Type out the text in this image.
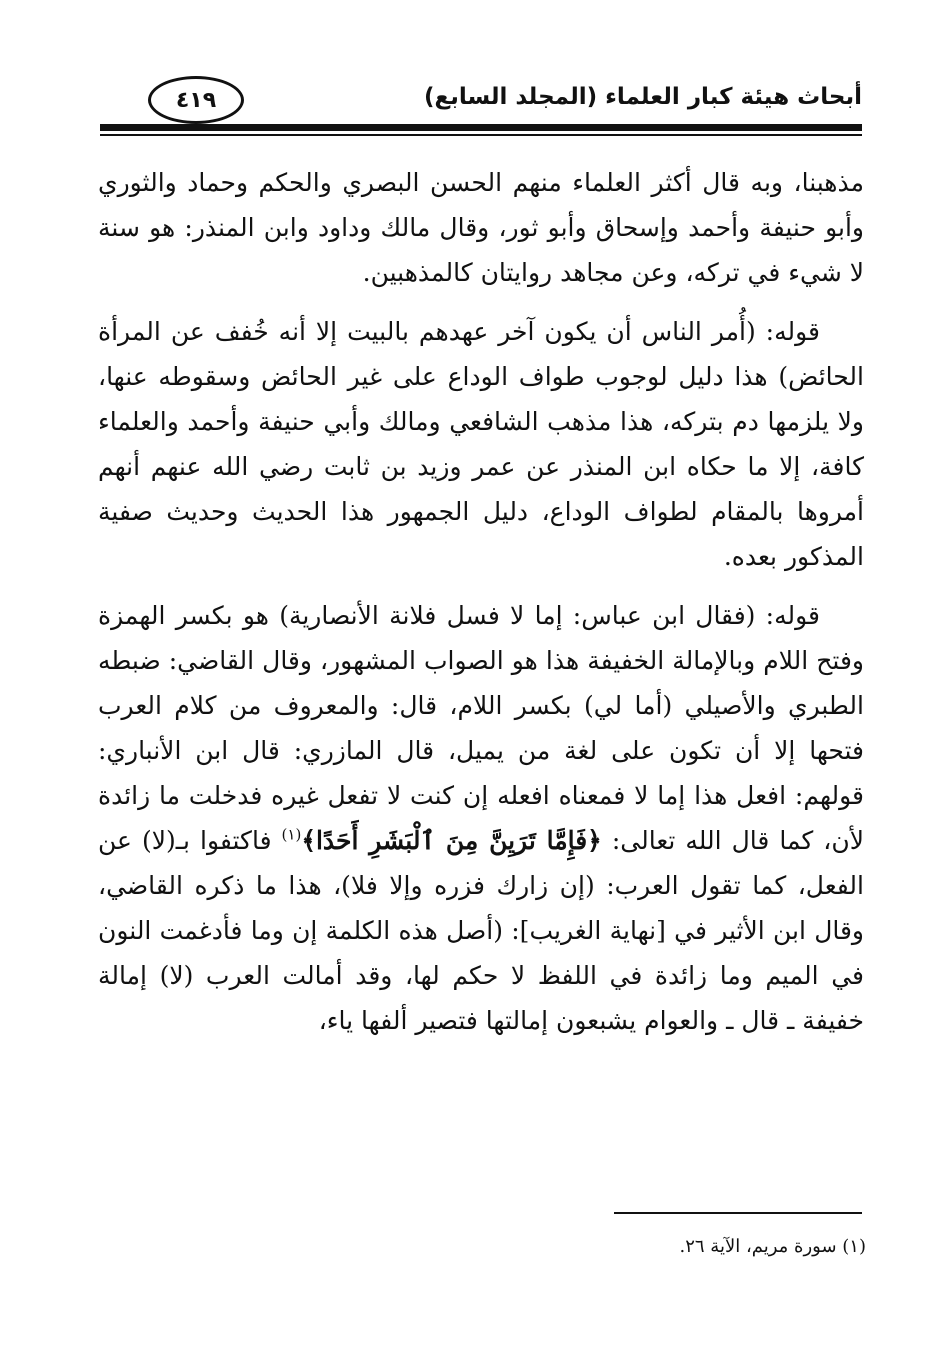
٤١٩	أبحاث هيئة كبار العلماء (المجلد السابع)

مذهبنا، وبه قال أكثر العلماء منهم الحسن البصري والحكم وحماد والثوري وأبو حنيفة وأحمد وإسحاق وأبو ثور، وقال مالك وداود وابن المنذر: هو سنة لا شيء في تركه، وعن مجاهد روايتان كالمذهبين.

قوله: (أُمر الناس أن يكون آخر عهدهم بالبيت إلا أنه خُفف عن المرأة الحائض) هذا دليل لوجوب طواف الوداع على غير الحائض وسقوطه عنها، ولا يلزمها دم بتركه، هذا مذهب الشافعي ومالك وأبي حنيفة وأحمد والعلماء كافة، إلا ما حكاه ابن المنذر عن عمر وزيد بن ثابت رضي الله عنهم أنهم أمروها بالمقام لطواف الوداع، دليل الجمهور هذا الحديث وحديث صفية المذكور بعده.

قوله: (فقال ابن عباس: إما لا فسل فلانة الأنصارية) هو بكسر الهمزة وفتح اللام وبالإمالة الخفيفة هذا هو الصواب المشهور، وقال القاضي: ضبطه الطبري والأصيلي (أما لي) بكسر اللام، قال: والمعروف من كلام العرب فتحها إلا أن تكون على لغة من يميل، قال المازري: قال ابن الأنباري: قولهم: افعل هذا إما لا فمعناه افعله إن كنت لا تفعل غيره فدخلت ما زائدة لأن، كما قال الله تعالى: ﴿فَإِمَّا تَرَيِنَّ مِنَ ٱلْبَشَرِ أَحَدًا﴾$^{(١)}$ فاكتفوا بـ(لا) عن الفعل، كما تقول العرب: (إن زارك فزره وإلا فلا)، هذا ما ذكره القاضي، وقال ابن الأثير في [نهاية الغريب]: (أصل هذه الكلمة إن وما فأدغمت النون في الميم وما زائدة في اللفظ لا حكم لها، وقد أمالت العرب (لا) إمالة خفيفة ـ قال ـ والعوام يشبعون إمالتها فتصير ألفها ياء،

(١) سورة مريم، الآية ٢٦.
